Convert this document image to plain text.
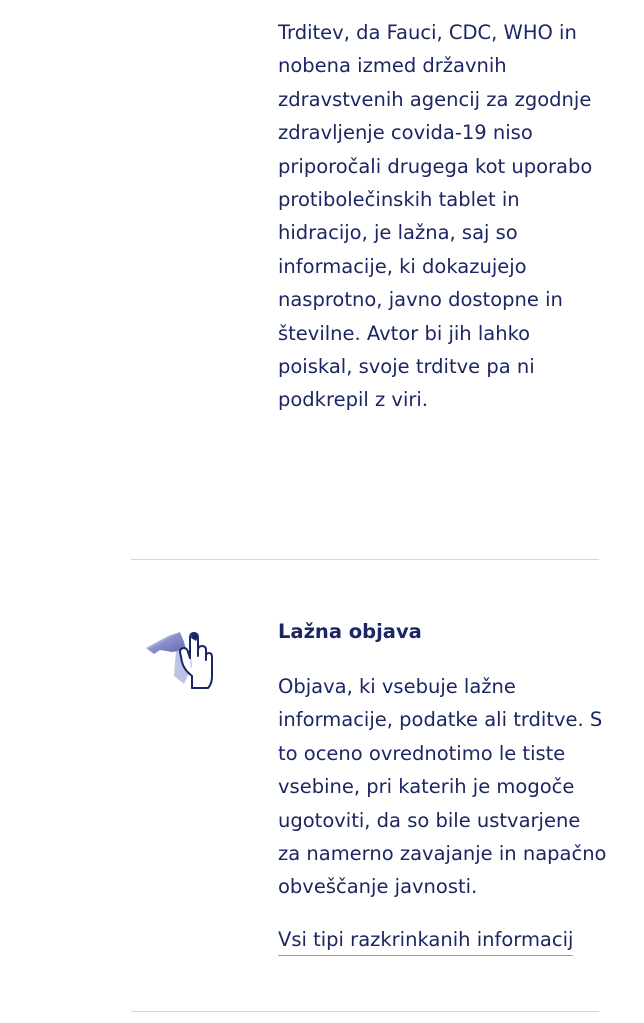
Trditev, da Fauci, CDC, WHO in nobena izmed državnih zdravstvenih agencij za zgodnje zdravljenje covida-19 niso priporočali drugega kot uporabo protibolečinskih tablet in hidracijo, je lažna, saj so informacije, ki dokazujejo nasprotno, javno dostopne in številne. Avtor bi jih lahko poiskal, svoje trditve pa ni podkrepil z viri.

Lažna objava

Objava, ki vsebuje lažne informacije, podatke ali trditve. S to oceno ovrednotimo le tiste vsebine, pri katerih je mogoče ugotoviti, da so bile ustvarjene za namerno zavajanje in napačno obveščanje javnosti.

Vsi tipi razkrinkanih informacij
